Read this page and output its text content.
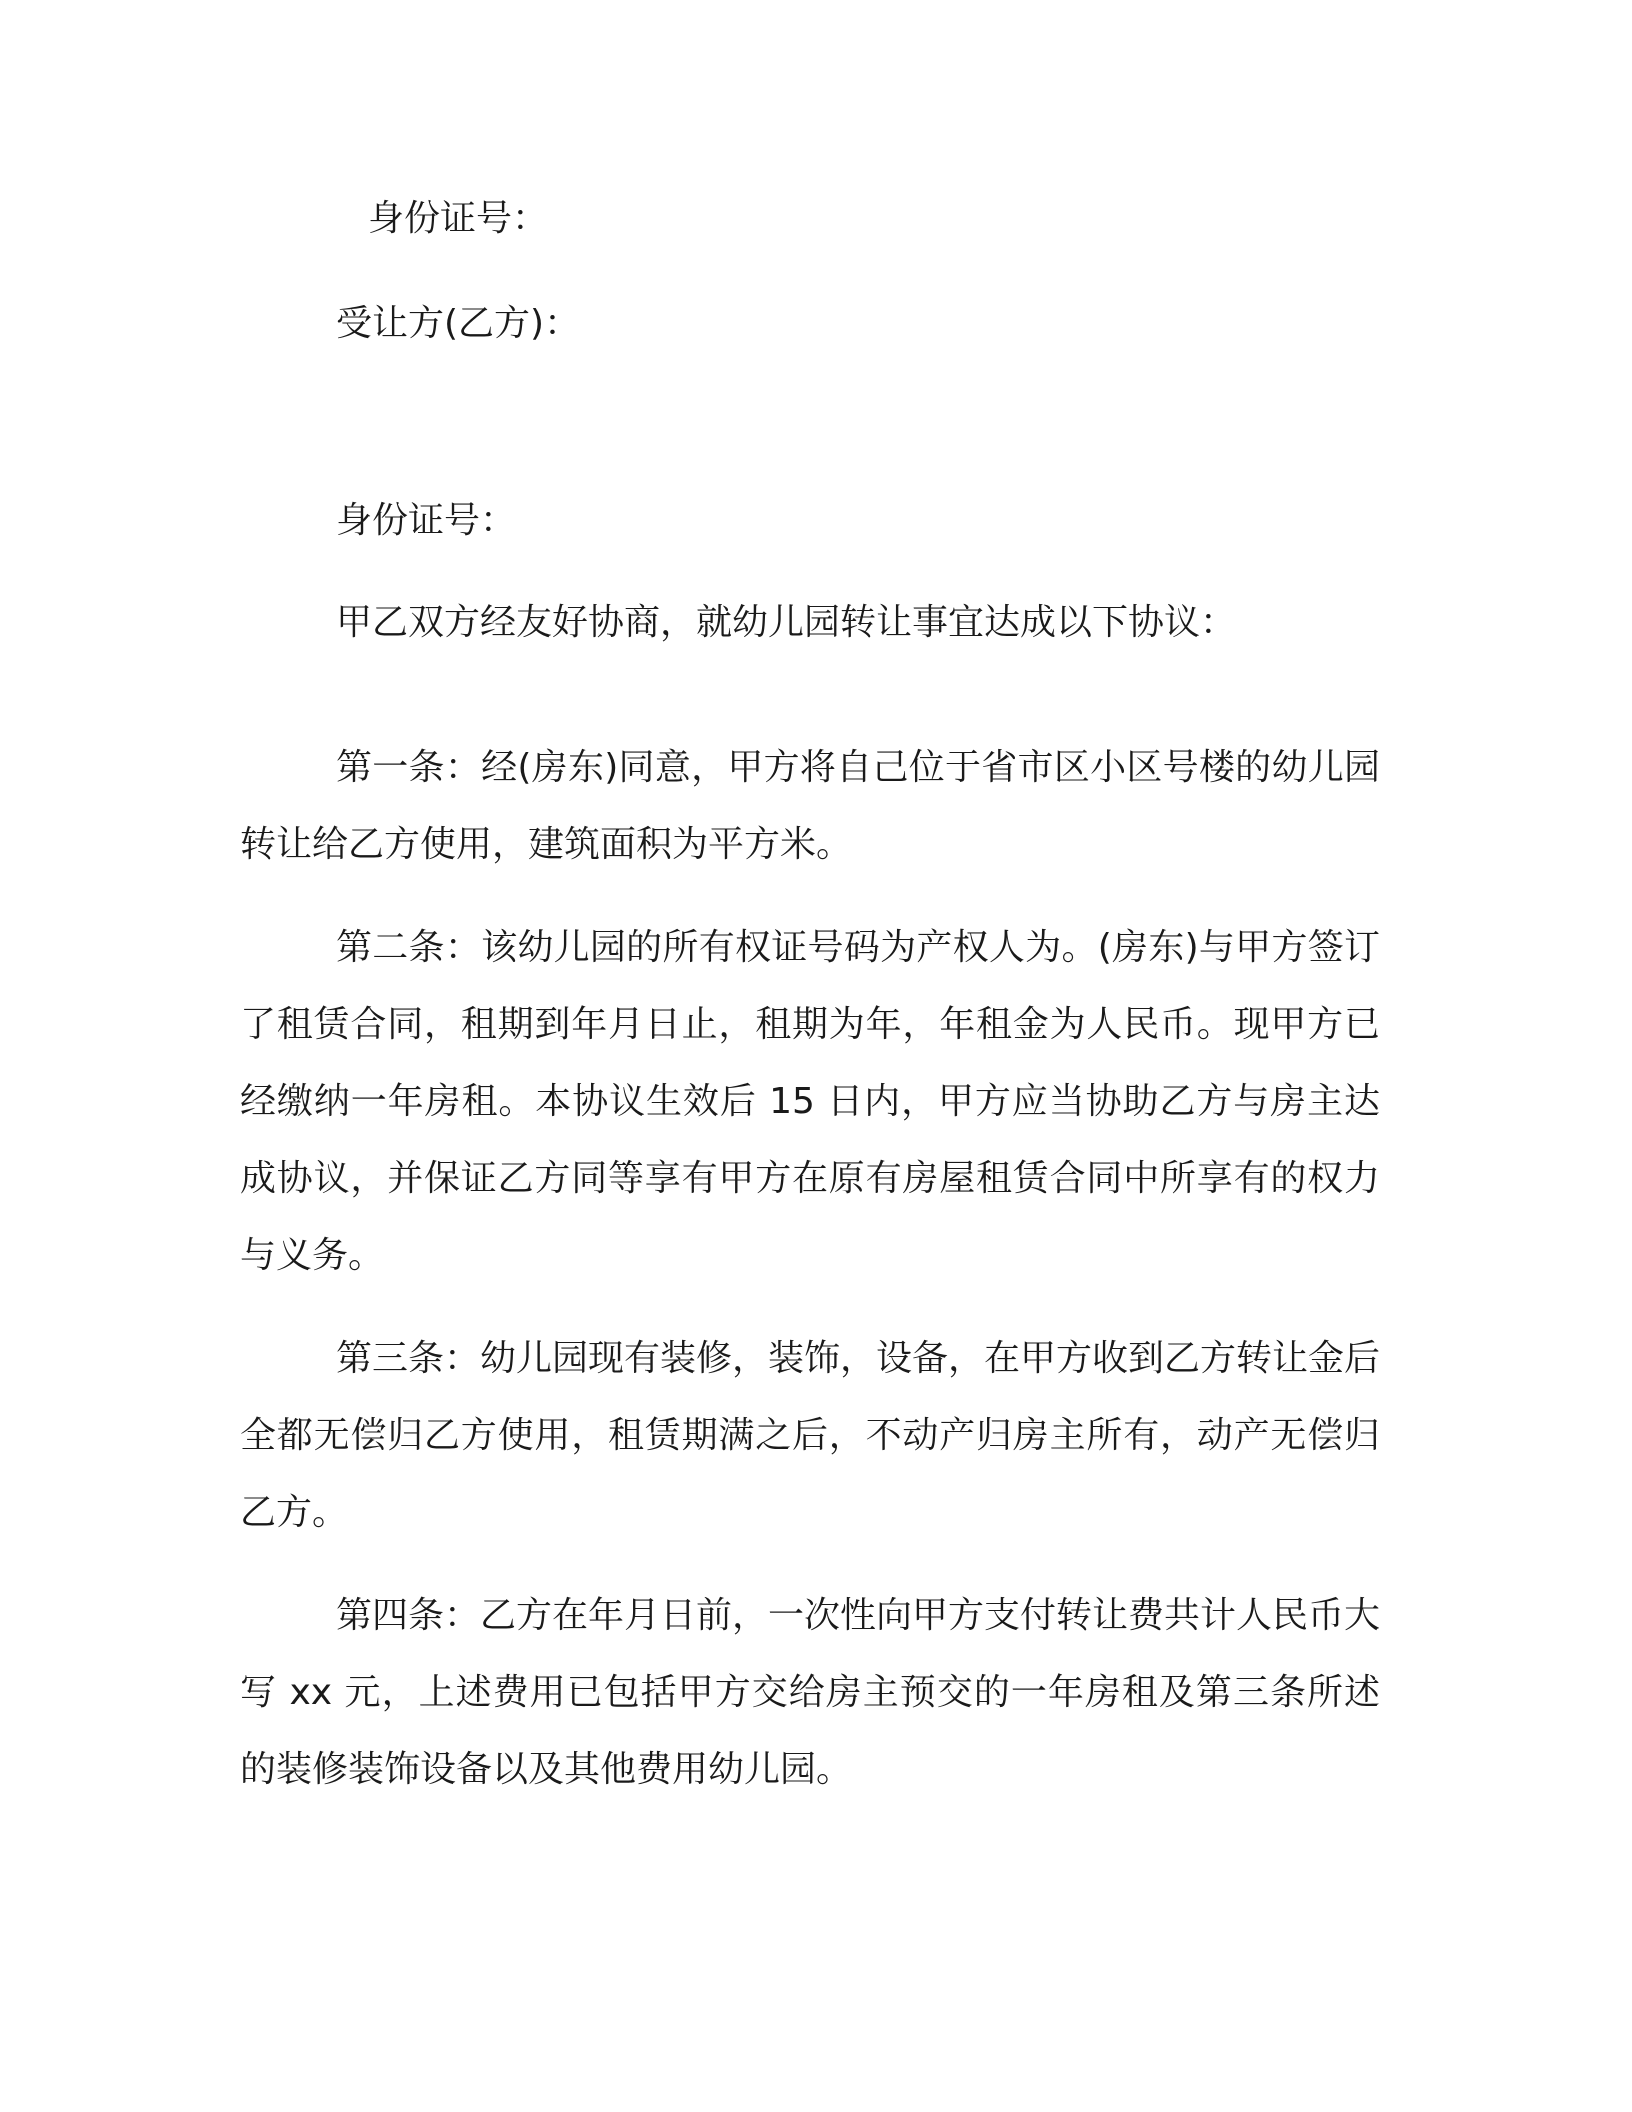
身份证号：
受让方(乙方)：
身份证号：
甲乙双方经友好协商，就幼儿园转让事宜达成以下协议：

第一条：经(房东)同意，甲方将自己位于省市区小区号楼的幼儿园转让给乙方使用，建筑面积为平方米。

第二条：该幼儿园的所有权证号码为产权人为。(房东)与甲方签订了租赁合同，租期到年月日止，租期为年，年租金为人民币。现甲方已经缴纳一年房租。本协议生效后 15 日内，甲方应当协助乙方与房主达成协议，并保证乙方同等享有甲方在原有房屋租赁合同中所享有的权力与义务。

第三条：幼儿园现有装修，装饰，设备，在甲方收到乙方转让金后全都无偿归乙方使用，租赁期满之后，不动产归房主所有，动产无偿归乙方。

第四条：乙方在年月日前，一次性向甲方支付转让费共计人民币大写 xx 元，上述费用已包括甲方交给房主预交的一年房租及第三条所述的装修装饰设备以及其他费用幼儿园。
